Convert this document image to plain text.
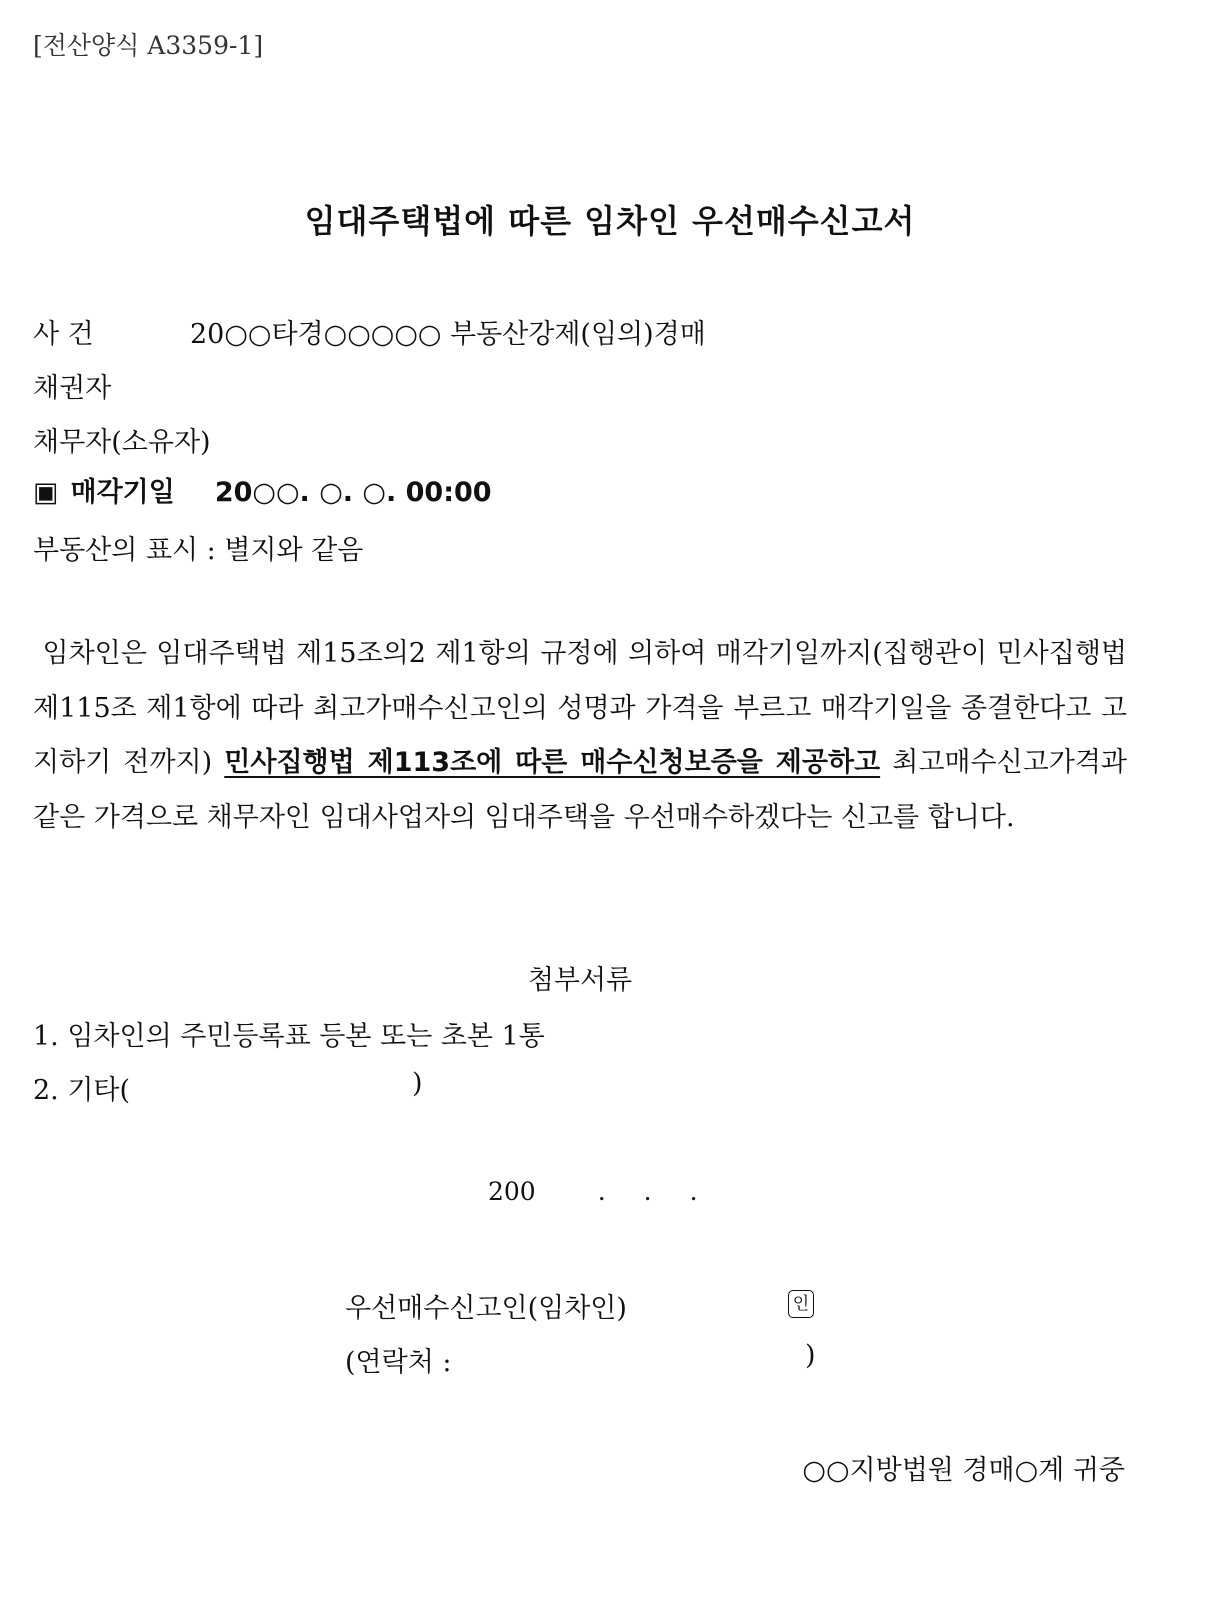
[전산양식 A3359-1]
임대주택법에 따른 임차인 우선매수신고서
사 건	20○○타경○○○○○ 부동산강제(임의)경매
채권자
채무자(소유자)
▣ 매각기일 20○○. ○. ○. 00:00
부동산의 표시 : 별지와 같음
임차인은 임대주택법 제15조의2 제1항의 규정에 의하여 매각기일까지(집행관이 민사집행법 제115조 제1항에 따라 최고가매수신고인의 성명과 가격을 부르고 매각기일을 종결한다고 고지하기 전까지) 민사집행법 제113조에 따른 매수신청보증을 제공하고 최고매수신고가격과 같은 가격으로 채무자인 임대사업자의 임대주택을 우선매수하겠다는 신고를 합니다.
첨부서류
1. 임차인의 주민등록표 등본 또는 초본 1통
2. 기타(	)
200 . . .
우선매수신고인(임차인)	인
(연락처 :	)
○○지방법원 경매○계 귀중
